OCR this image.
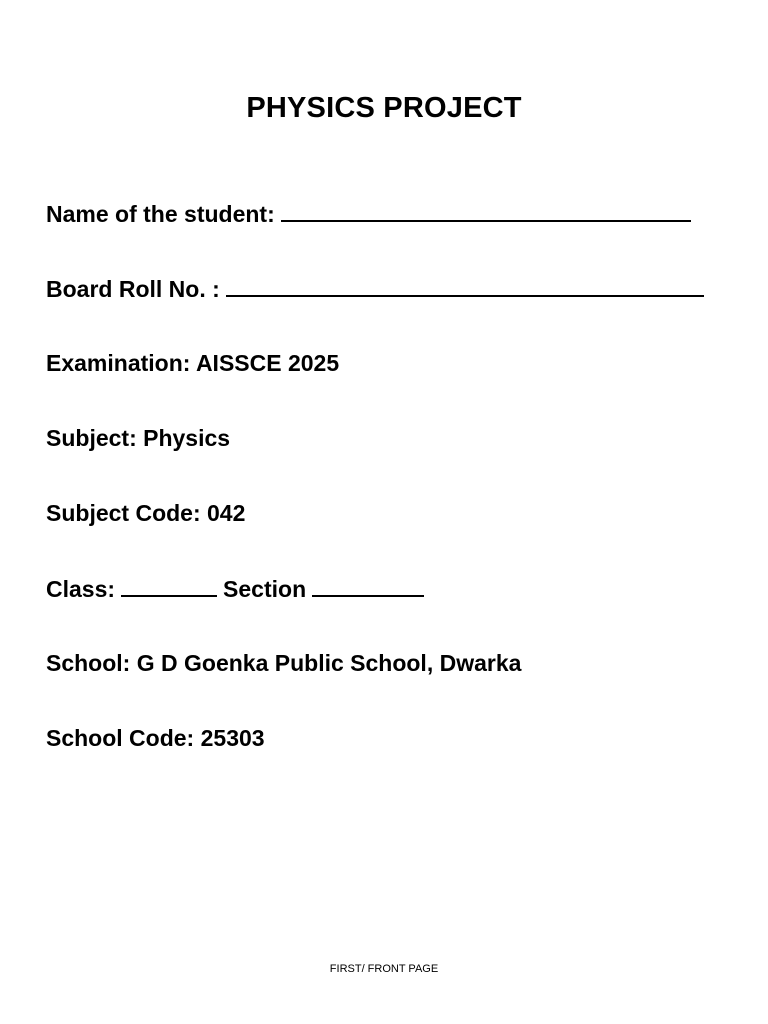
PHYSICS PROJECT
Name of the student:
Board Roll No. :
Examination: AISSCE 2025
Subject: Physics
Subject Code: 042
Class:	Section
School: G D Goenka Public School, Dwarka
School Code: 25303
FIRST/ FRONT PAGE
